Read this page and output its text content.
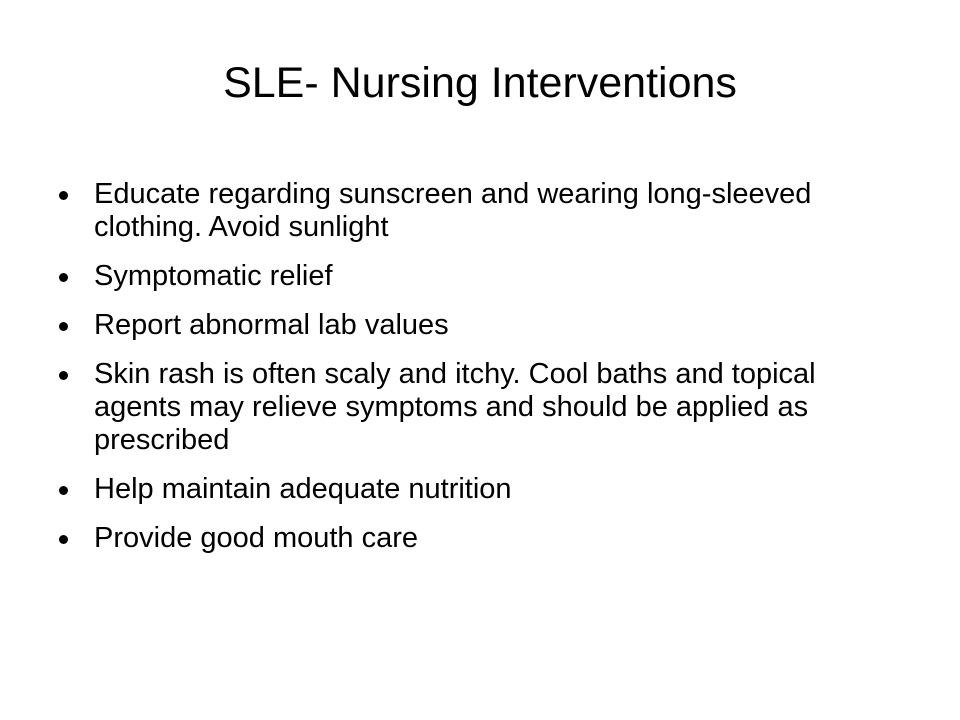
SLE- Nursing Interventions
Educate regarding sunscreen and wearing long-sleeved clothing. Avoid sunlight
Symptomatic relief
Report abnormal lab values
Skin rash is often scaly and itchy. Cool baths and topical agents may relieve symptoms and should be applied as prescribed
Help maintain adequate nutrition
Provide good mouth care
